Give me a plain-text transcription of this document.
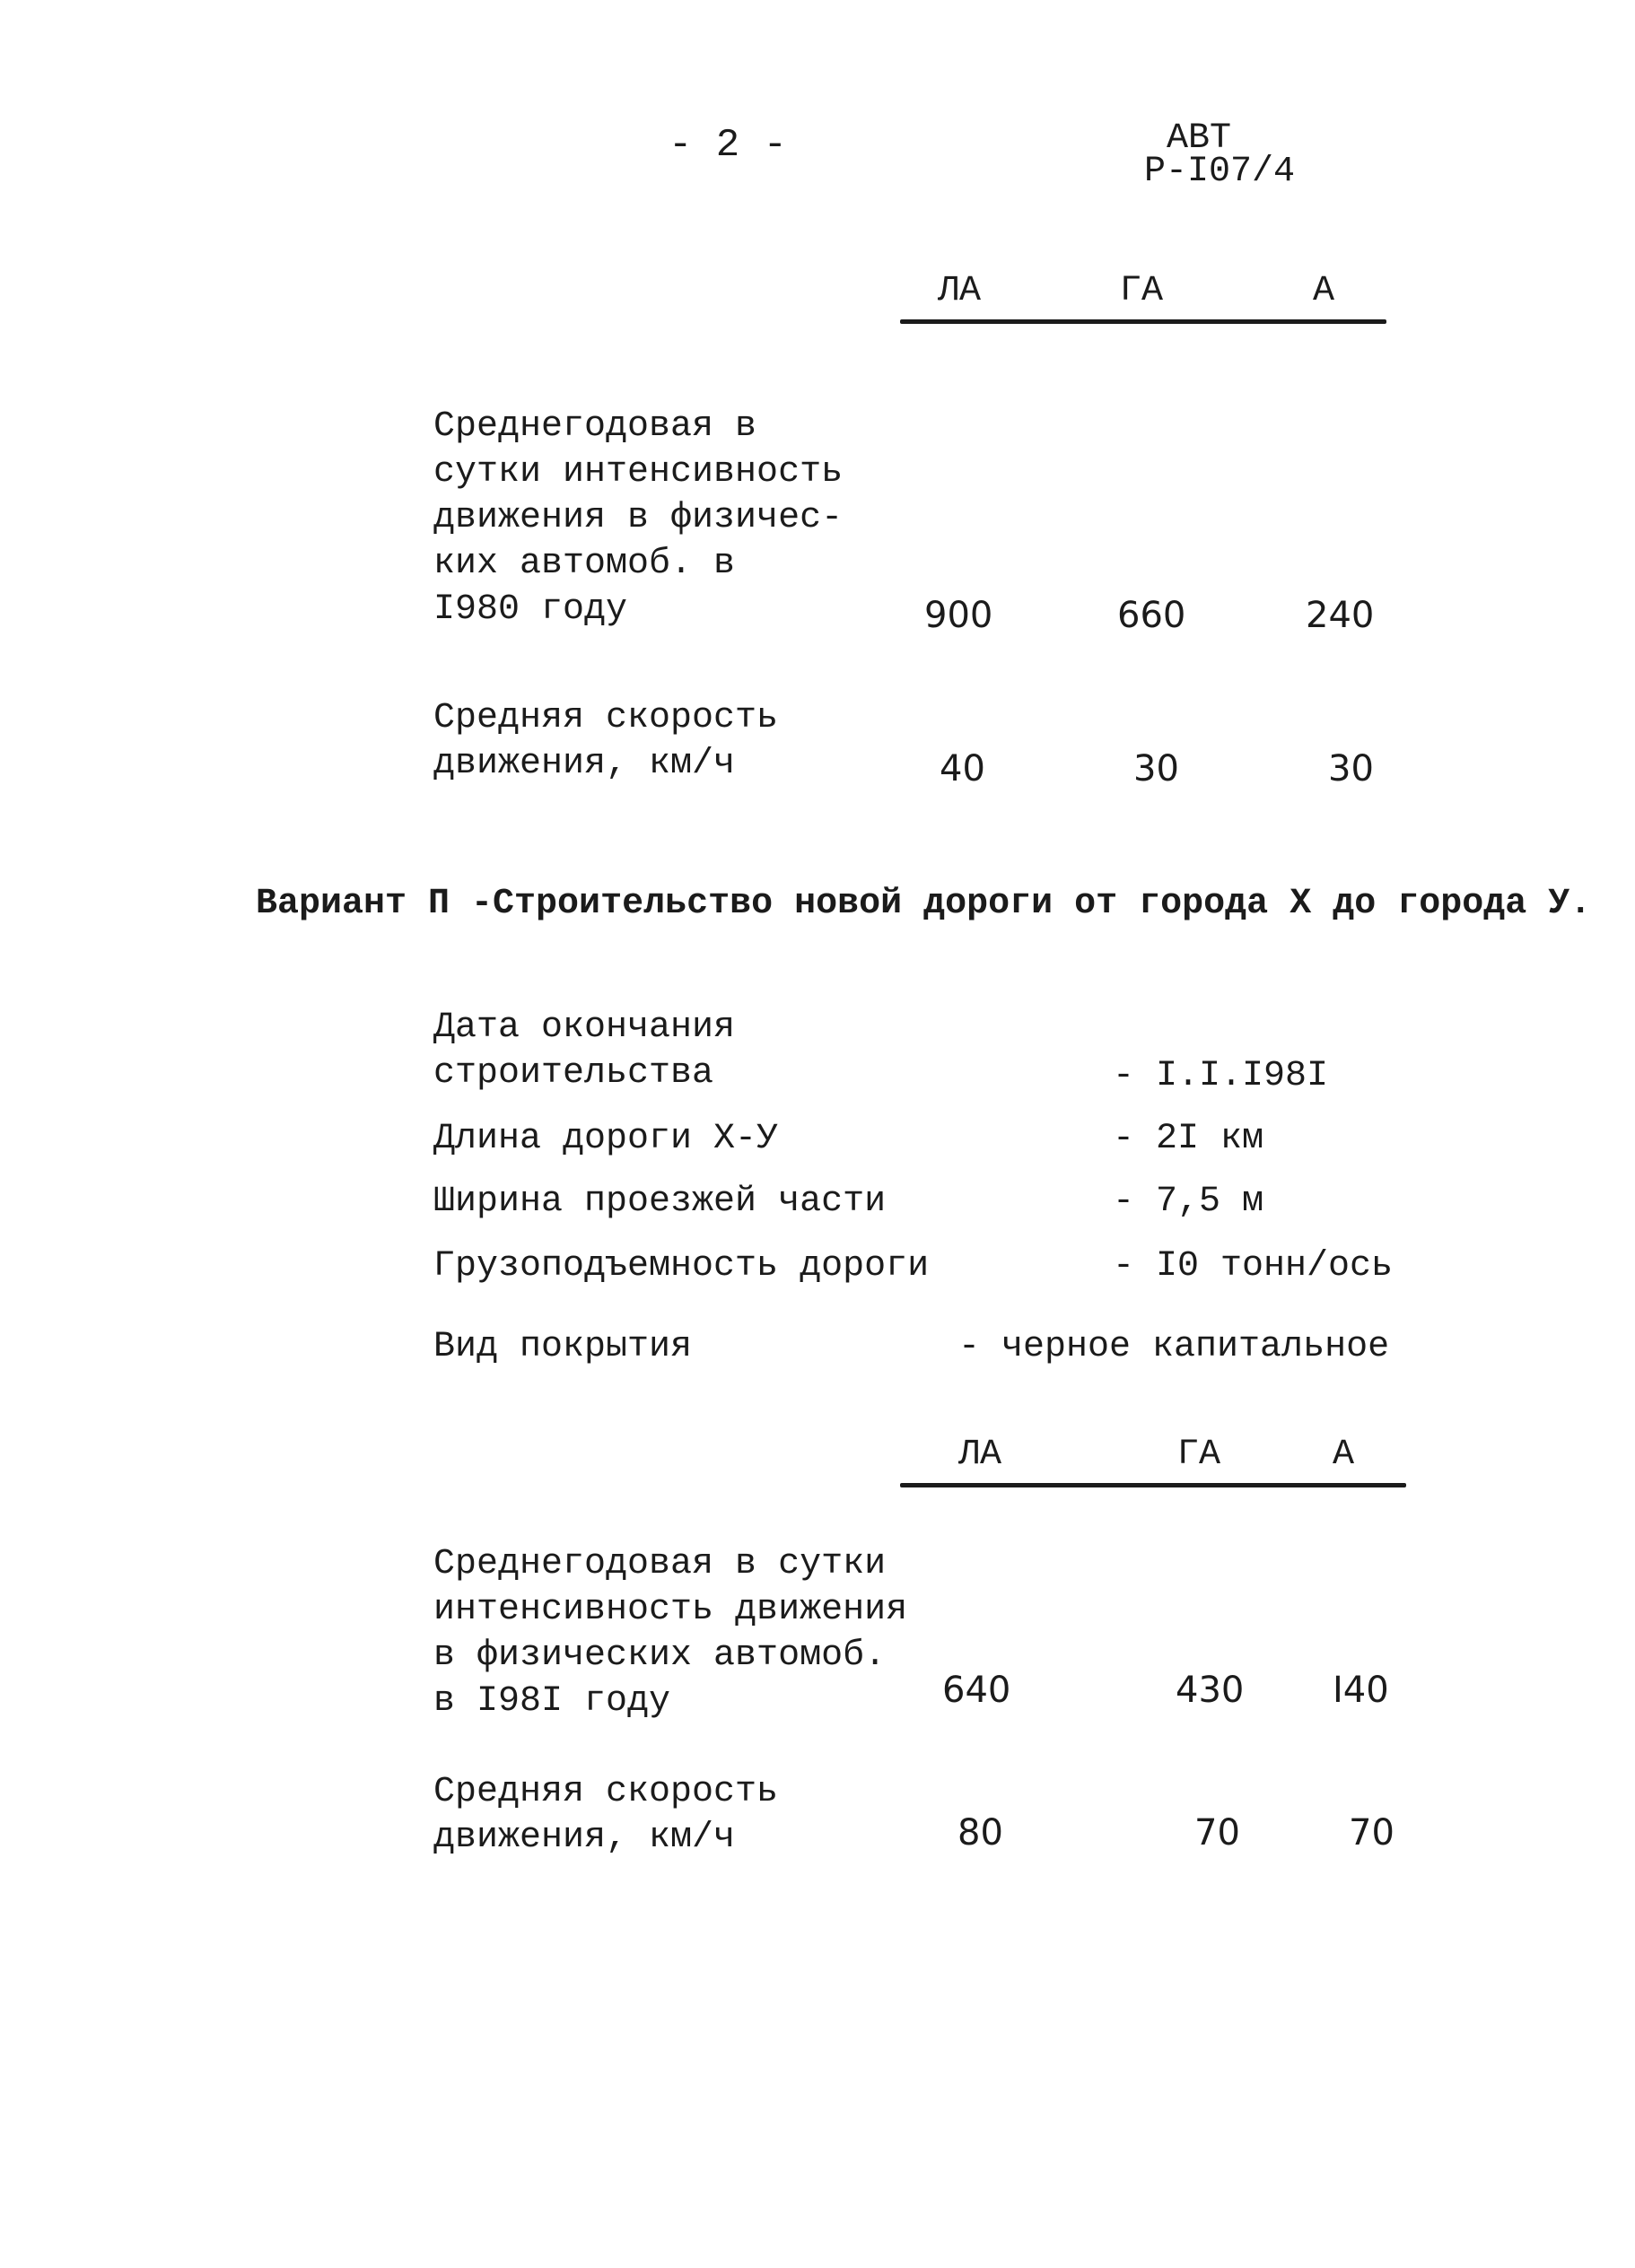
- 2 -	АВТ
Р-I07/4
ЛА	ГА	А
Среднегодовая в
сутки интенсивность
движения в физичес-
ких автомоб. в
I980 году	900	660	240
Средняя скорость
движения, км/ч	40	30	30
Вариант П -Строительство новой дороги от города Х до города У.
Дата окончания
строительства	- I.I.I98I
Длина дороги Х-У	- 2I км
Ширина проезжей части	- 7,5 м
Грузоподъемность дороги	- I0 тонн/ось
Вид покрытия	- черное капитальное
ЛА	ГА	А
Среднегодовая в сутки
интенсивность движения
в физических автомоб.
в I98I году	640	430 I40
Средняя скорость
движения, км/ч	80	70	70
